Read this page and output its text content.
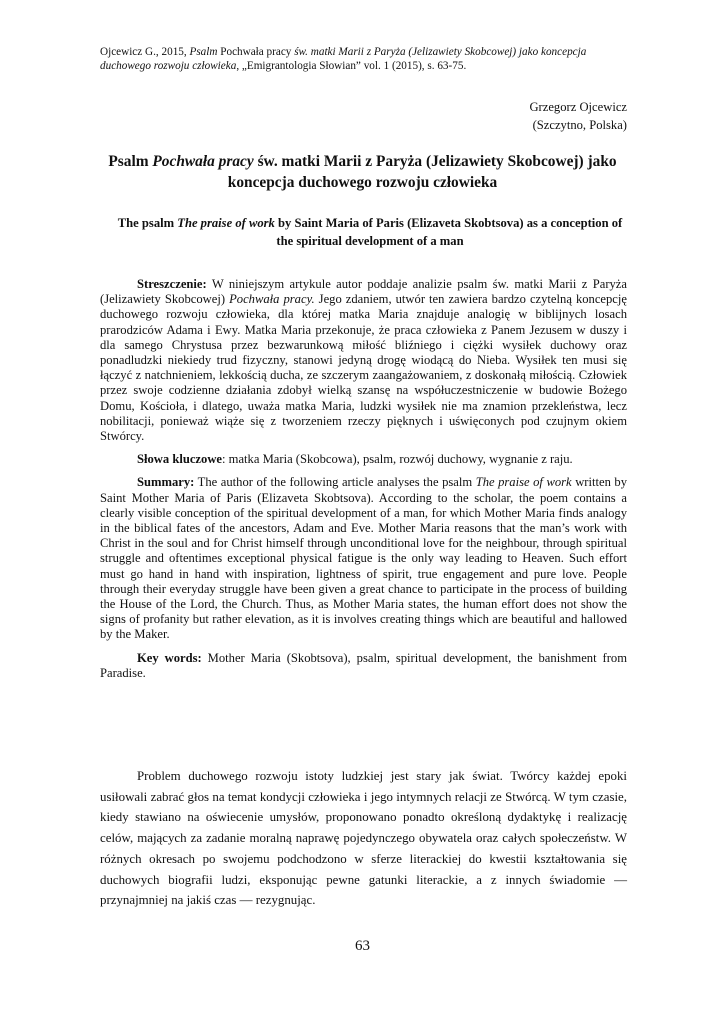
Ojcewicz G., 2015, Psalm Pochwała pracy św. matki Marii z Paryża (Jelizawiety Skobcowej) jako koncepcja duchowego rozwoju człowieka, „Emigrantologia Słowian” vol. 1 (2015), s. 63-75.
Grzegorz Ojcewicz
(Szczytno, Polska)
Psalm Pochwała pracy św. matki Marii z Paryża (Jelizawiety Skobcowej) jako koncepcja duchowego rozwoju człowieka
The psalm The praise of work by Saint Maria of Paris (Elizaveta Skobtsova) as a conception of the spiritual development of a man

Streszczenie: W niniejszym artykule autor poddaje analizie psalm św. matki Marii z Paryża (Jelizawiety Skobcowej) Pochwała pracy. Jego zdaniem, utwór ten zawiera bardzo czytelną koncepcję duchowego rozwoju człowieka, dla której matka Maria znajduje analogię w biblijnych losach prarodziców Adama i Ewy. Matka Maria przekonuje, że praca człowieka z Panem Jezusem w duszy i dla samego Chrystusa przez bezwarunkową miłość bliźniego i ciężki wysiłek duchowy oraz ponadludzki niekiedy trud fizyczny, stanowi jedyną drogę wiodącą do Nieba. Wysiłek ten musi się łączyć z natchnieniem, lekkością ducha, ze szczerym zaangażowaniem, z doskonałą miłością. Człowiek przez swoje codzienne działania zdobył wielką szansę na współuczestniczenie w budowie Bożego Domu, Kościoła, i dlatego, uważa matka Maria, ludzki wysiłek nie ma znamion przekleństwa, lecz nobilitacji, ponieważ wiąże się z tworzeniem rzeczy pięknych i uświęconych pod czujnym okiem Stwórcy.

Słowa kluczowe: matka Maria (Skobcowa), psalm, rozwój duchowy, wygnanie z raju.

Summary: The author of the following article analyses the psalm The praise of work written by Saint Mother Maria of Paris (Elizaveta Skobtsova). According to the scholar, the poem contains a clearly visible conception of the spiritual development of a man, for which Mother Maria finds analogy in the biblical fates of the ancestors, Adam and Eve. Mother Maria reasons that the man’s work with Christ in the soul and for Christ himself through unconditional love for the neighbour, through spiritual struggle and oftentimes exceptional physical fatigue is the only way leading to Heaven. Such effort must go hand in hand with inspiration, lightness of spirit, true engagement and pure love. People through their everyday struggle have been given a great chance to participate in the process of building the House of the Lord, the Church. Thus, as Mother Maria states, the human effort does not show the signs of profanity but rather elevation, as it is involves creating things which are beautiful and hallowed by the Maker.

Key words: Mother Maria (Skobtsova), psalm, spiritual development, the banishment from Paradise.

Problem duchowego rozwoju istoty ludzkiej jest stary jak świat. Twórcy każdej epoki usiłowali zabrać głos na temat kondycji człowieka i jego intymnych relacji ze Stwórcą. W tym czasie, kiedy stawiano na oświecenie umysłów, proponowano ponadto określoną dydaktykę i realizację celów, mających za zadanie moralną naprawę pojedynczego obywatela oraz całych społeczeństw. W różnych okresach po swojemu podchodzono w sferze literackiej do kwestii kształtowania się duchowych biografii ludzi, eksponując pewne gatunki literackie, a z innych świadomie — przynajmniej na jakiś czas — rezygnując.

63
